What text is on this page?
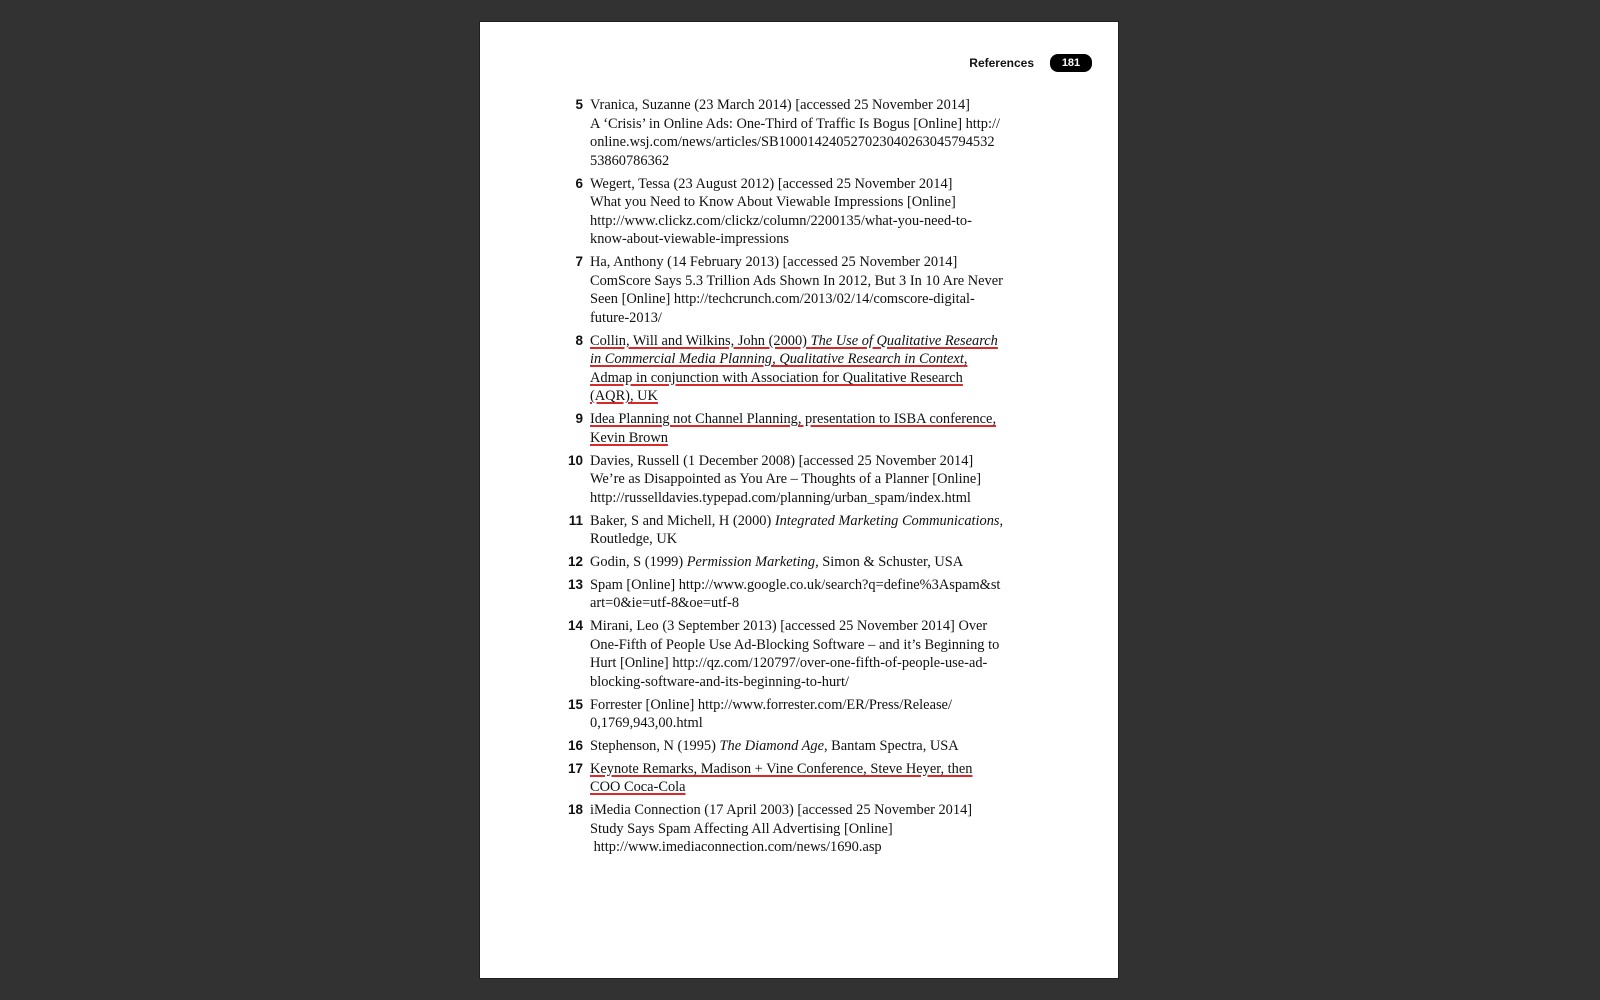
References	181
5 Vranica, Suzanne (23 March 2014) [accessed 25 November 2014]
A ‘Crisis’ in Online Ads: One-Third of Traffic Is Bogus [Online] http://
online.wsj.com/news/articles/SB1000142405270230402630457945​32
53860786362
6 Wegert, Tessa (23 August 2012) [accessed 25 November 2014]
What you Need to Know About Viewable Impressions [Online]
http://www.clickz.com/clickz/column/2200135/what-you-need-to-
know-about-viewable-impressions
7 Ha, Anthony (14 February 2013) [accessed 25 November 2014]
ComScore Says 5.3 Trillion Ads Shown In 2012, But 3 In 10 Are Never
Seen [Online] http://techcrunch.com/2013/02/14/comscore-digital-
future-2013/
8 Collin, Will and Wilkins, John (2000) The Use of Qualitative Research
in Commercial Media Planning, Qualitative Research in Context,
Admap in conjunction with Association for Qualitative Research
(AQR), UK
9 Idea Planning not Channel Planning, presentation to ISBA conference,
Kevin Brown
10 Davies, Russell (1 December 2008) [accessed 25 November 2014]
We’re as Disappointed as You Are – Thoughts of a Planner [Online]
http://russelldavies.typepad.com/planning/urban_spam/index.html
11 Baker, S and Michell, H (2000) Integrated Marketing Communications,
Routledge, UK
12 Godin, S (1999) Permission Marketing, Simon & Schuster, USA
13 Spam [Online] http://www.google.co.uk/search?q=define%3Aspam&st
art=0&ie=utf-8&oe=utf-8
14 Mirani, Leo (3 September 2013) [accessed 25 November 2014] Over
One-Fifth of People Use Ad-Blocking Software – and it’s Beginning to
Hurt [Online] http://qz.com/120797/over-one-fifth-of-people-use-ad-
blocking-software-and-its-beginning-to-hurt/
15 Forrester [Online] http://www.forrester.com/ER/Press/Release/
0,1769,943,00.html
16 Stephenson, N (1995) The Diamond Age, Bantam Spectra, USA
17 Keynote Remarks, Madison + Vine Conference, Steve Heyer, then
COO Coca-Cola
18 iMedia Connection (17 April 2003) [accessed 25 November 2014]
Study Says Spam Affecting All Advertising [Online]
http://www.imediaconnection.com/news/1690.asp
